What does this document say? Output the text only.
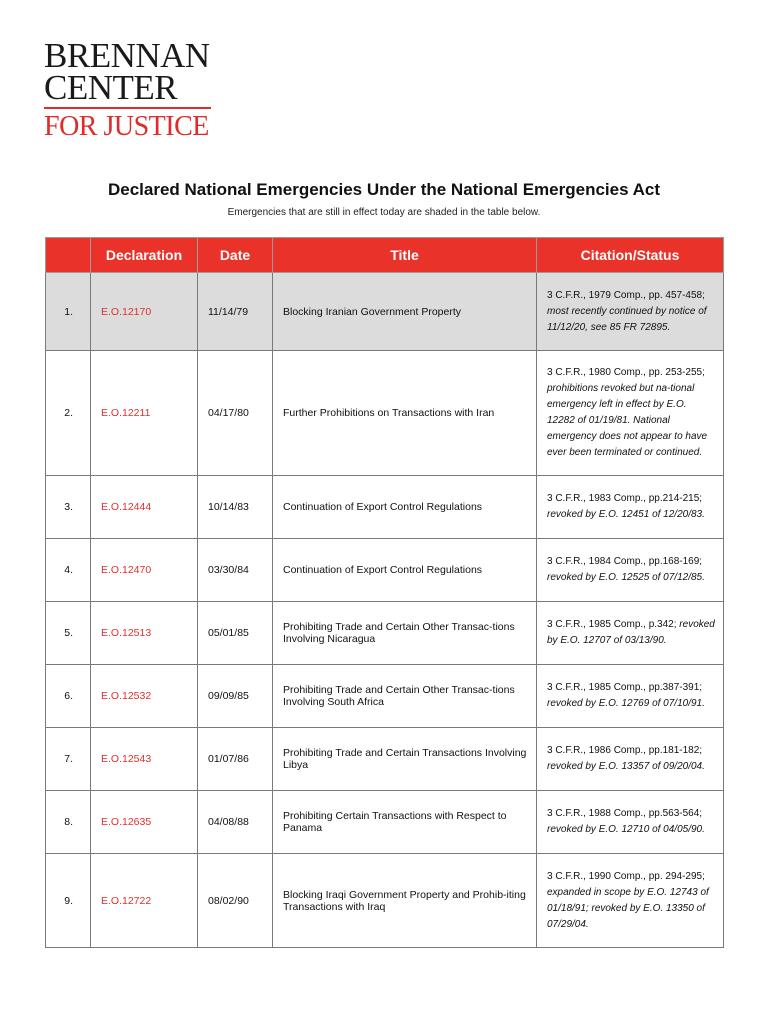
BRENNAN
CENTER
FOR JUSTICE
Declared National Emergencies Under the National Emergencies Act
Emergencies that are still in effect today are shaded in the table below.
	Declaration	Date	Title	Citation/Status
1.	E.O.12170	11/14/79	Blocking Iranian Government Property	3 C.F.R., 1979 Comp., pp. 457-458; most recently continued by notice of 11/12/20, see 85 FR 72895.
2.	E.O.12211	04/17/80	Further Prohibitions on Transactions with Iran	3 C.F.R., 1980 Comp., pp. 253-255; prohibitions revoked but na-tional emergency left in effect by E.O. 12282 of 01/19/81. National emergency does not appear to have ever been terminated or continued.
3.	E.O.12444	10/14/83	Continuation of Export Control Regulations	3 C.F.R., 1983 Comp., pp.214-215; revoked by E.O. 12451 of 12/20/83.
4.	E.O.12470	03/30/84	Continuation of Export Control Regulations	3 C.F.R., 1984 Comp., pp.168-169; revoked by E.O. 12525 of 07/12/85.
5.	E.O.12513	05/01/85	Prohibiting Trade and Certain Other Transac-tions Involving Nicaragua	3 C.F.R., 1985 Comp., p.342; revoked by E.O. 12707 of 03/13/90.
6.	E.O.12532	09/09/85	Prohibiting Trade and Certain Other Transac-tions Involving South Africa	3 C.F.R., 1985 Comp., pp.387-391; revoked by E.O. 12769 of 07/10/91.
7.	E.O.12543	01/07/86	Prohibiting Trade and Certain Transactions Involving Libya	3 C.F.R., 1986 Comp., pp.181-182; revoked by E.O. 13357 of 09/20/04.
8.	E.O.12635	04/08/88	Prohibiting Certain Transactions with Respect to Panama	3 C.F.R., 1988 Comp., pp.563-564; revoked by E.O. 12710 of 04/05/90.
9.	E.O.12722	08/02/90	Blocking Iraqi Government Property and Prohib-iting Transactions with Iraq	3 C.F.R., 1990 Comp., pp. 294-295; expanded in scope by E.O. 12743 of 01/18/91; revoked by E.O. 13350 of 07/29/04.
